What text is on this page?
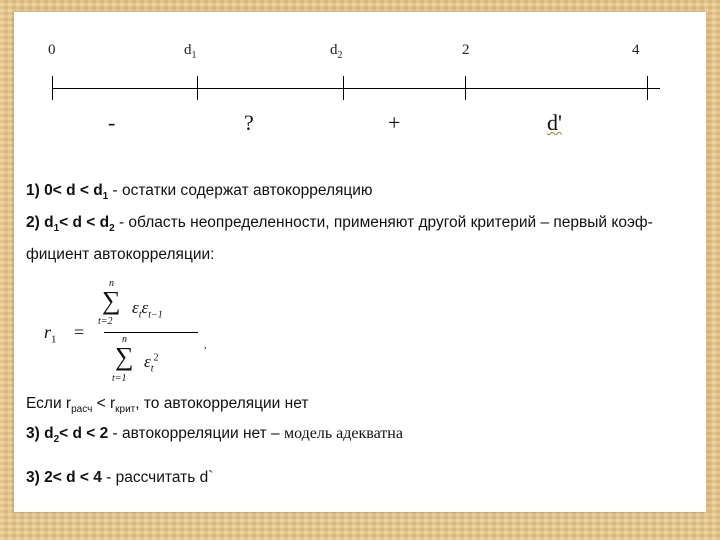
0	$d_1$	$d_2$	2	4
-	?	+	d'
1) $0< d < d_1$ - остатки содержат автокорреляцию
2) $d_1< d < d_2$ - область неопределенности, применяют другой критерий – первый коэф-
фициент автокорреляции:
$r_1$ =
n
∑
t=2
$\varepsilon_t\varepsilon_{t-1}$
n
∑
t=1
$\varepsilon_t^2$
,
Если $r_{расч} < r_{крит}$, то автокорреляции нет
3) $d_2< d < 2$ - автокорреляции нет – модель адекватна
3) 2< d < 4 - рассчитать d`
